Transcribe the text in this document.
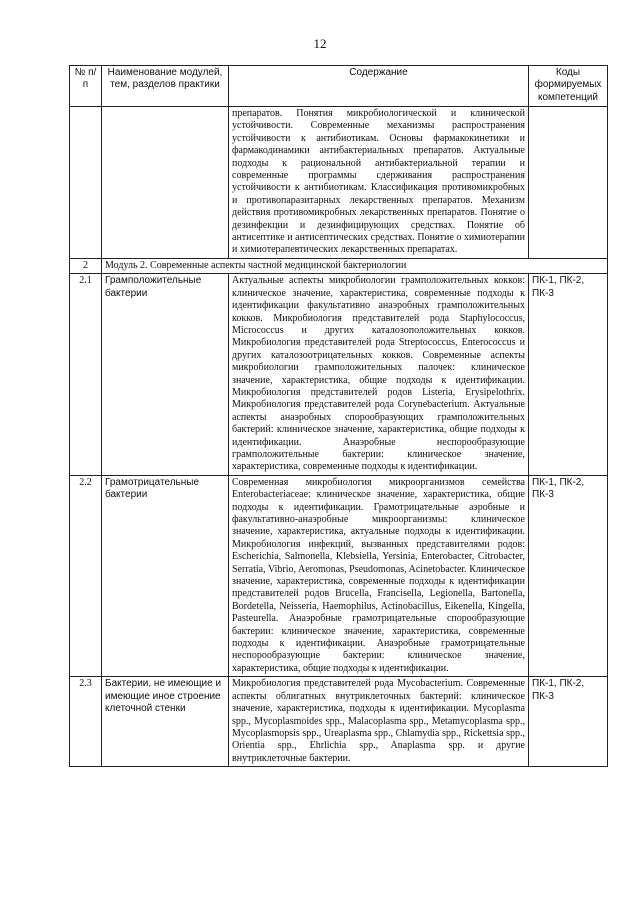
12
№ п/п	Наименование модулей, тем, разделов практики	Содержание	Коды формируемых компетенций
		препаратов. Понятия микробиологической и клинической устойчивости. Современные механизмы распространения устойчивости к антибиотикам. Основы фармакокинетики и фармакодинамики антибактериальных препаратов. Актуальные подходы к рациональной антибактериальной терапии и современные программы сдерживания распространения устойчивости к антибиотикам. Классификация противомикробных и противопаразитарных лекарственных препаратов. Механизм действия противомикробных лекарственных препаратов. Понятие о дезинфекции и дезинфицирующих средствах. Понятие об антисептике и антисептических средствах. Понятие о химиотерапии и химиотерапевтических лекарственных препаратах.	
2	Модуль 2. Современные аспекты частной медицинской бактериологии		
2.1	Грамположительные бактерии	Актуальные аспекты микробиологии грамположительных кокков: клиническое значение, характеристика, современные подходы к идентификации факультативно анаэробных грамположительных кокков. Микробиология представителей рода Staphylococcus, Micrococcus и других каталозоположительных кокков. Микробиология представителей рода Streptococcus, Enterococcus и других каталозоотрицательных кокков. Современные аспекты микробиологии грамположительных палочек: клиническое значение, характеристика, общие подходы к идентификации. Микробиология представителей родов Listeria, Erysipelothrix. Микробиология представителей рода Corynebacterium. Актуальные аспекты анаэробных спорообразующих грамположительных бактерий: клиническое значение, характеристика, общие подходы к идентификации. Анаэробные неспорообразующие грамположительные бактерии: клиническое значение, характеристика, современные подходы к идентификации.	ПК-1, ПК-2, ПК-3
2.2	Грамотрицательные бактерии	Современная микробиология микроорганизмов семейства Enterobacteriaceae: клиническое значение, характеристика, общие подходы к идентификации. Грамотрицательные аэробные и факультативно-анаэробные микроорганизмы: клиническое значение, характеристика, актуальные подходы к идентификации. Микробиология инфекций, вызванных представителями родов: Escherichia, Salmonella, Klebsiella, Yersinia, Enterobacter, Citrobacter, Serratia, Vibrio, Aeromonas, Pseudomonas, Acinetobacter. Клиническое значение, характеристика, современные подходы к идентификации представителей родов Brucella, Francisella, Legionella, Bartonella, Bordetella, Neisseria, Haemophilus, Actinobacillus, Eikenella, Kingella, Pasteurella. Анаэробные грамотрицательные спорообразующие бактерии: клиническое значение, характеристика, современные подходы к идентификации. Анаэробные грамотрицательные неспорообразующие бактерии: клиническое значение, характеристика, общие подходы к идентификации.	ПК-1, ПК-2, ПК-3
2.3	Бактерии, не имеющие и имеющие иное строение клеточной стенки	Микробиология представителей рода Mycobacterium. Современные аспекты облигатных внутриклеточных бактерий: клиническое значение, характеристика, подходы к идентификации. Mycoplasma spp., Mycoplasmoides spp., Malacoplasma spp., Metamycoplasma spp., Mycoplasmopsis spp., Ureaplasma spp., Chlamydia spp., Rickettsia spp., Orientia spp., Ehrlichia spp., Anaplasma spp. и другие внутриклеточные бактерии.	ПК-1, ПК-2, ПК-3
